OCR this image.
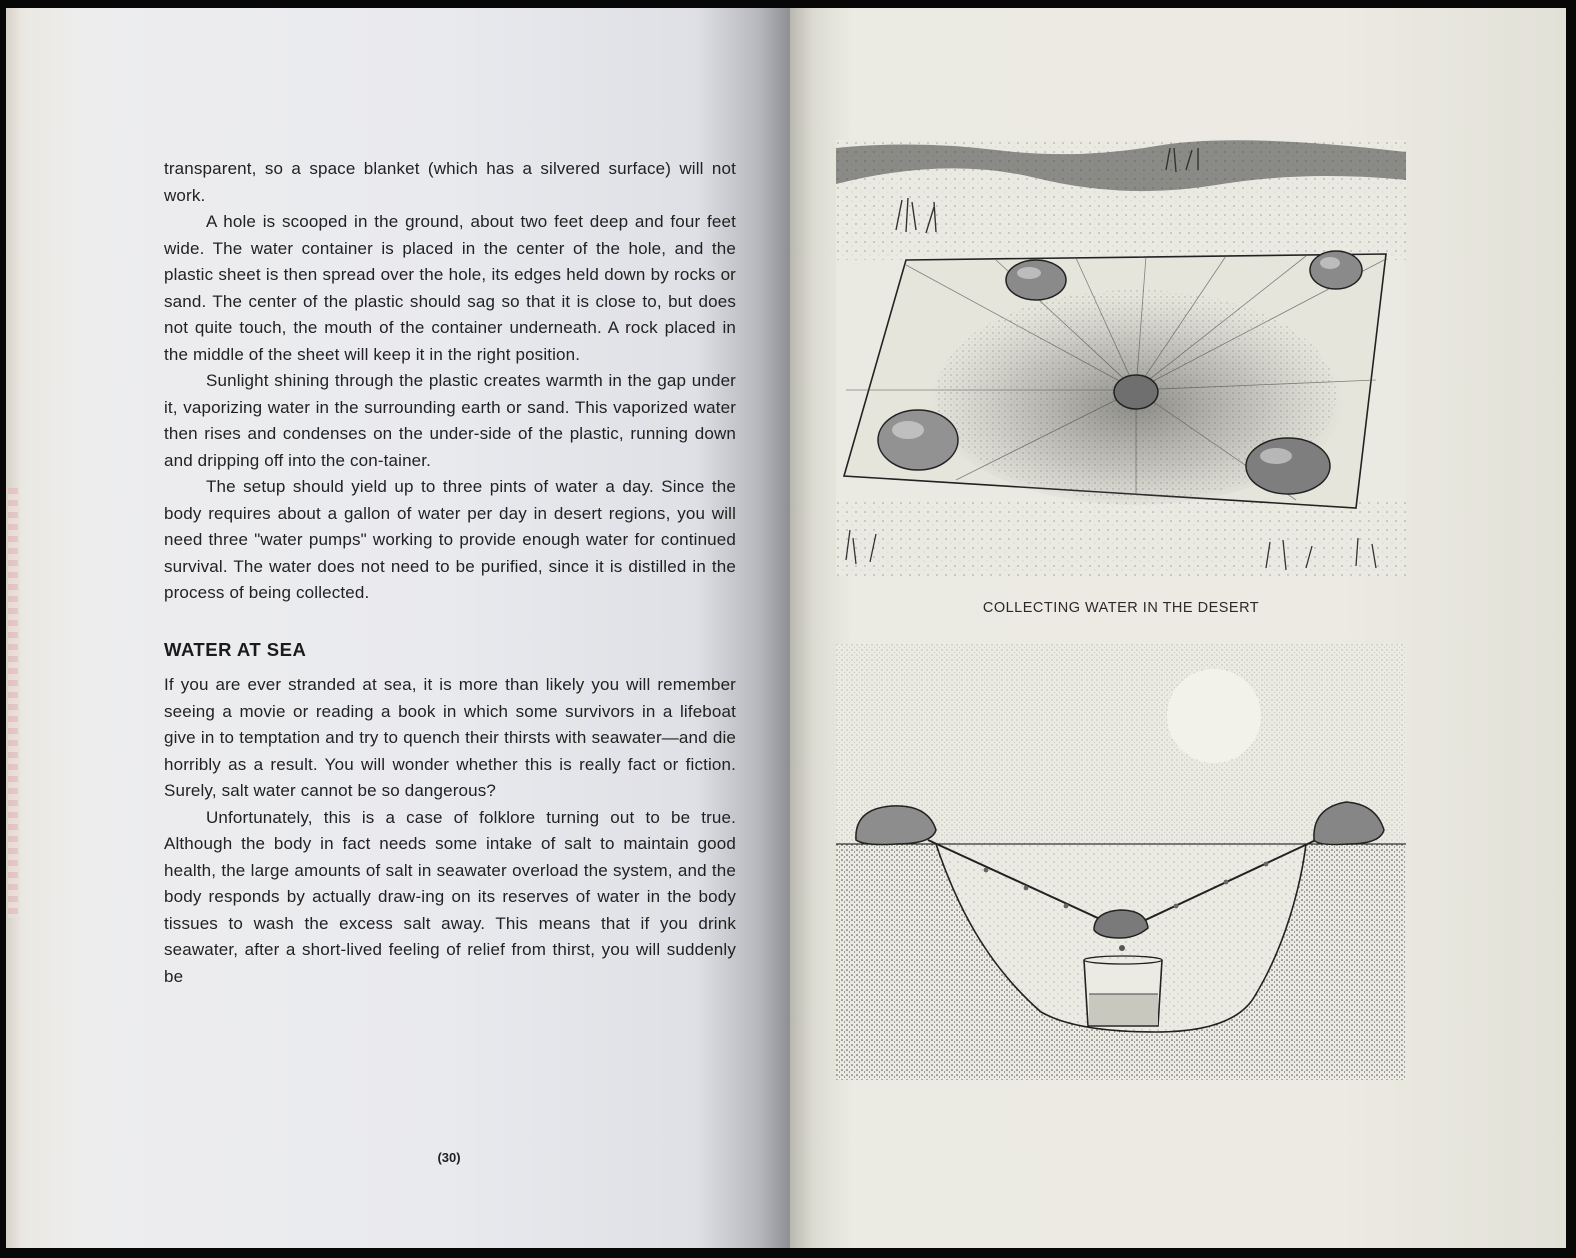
transparent, so a space blanket (which has a silvered surface) will not work.

A hole is scooped in the ground, about two feet deep and four feet wide. The water container is placed in the center of the hole, and the plastic sheet is then spread over the hole, its edges held down by rocks or sand. The center of the plastic should sag so that it is close to, but does not quite touch, the mouth of the container underneath. A rock placed in the middle of the sheet will keep it in the right position.

Sunlight shining through the plastic creates warmth in the gap under it, vaporizing water in the surrounding earth or sand. This vaporized water then rises and condenses on the under-side of the plastic, running down and dripping off into the con-tainer.

The setup should yield up to three pints of water a day. Since the body requires about a gallon of water per day in desert regions, you will need three "water pumps" working to provide enough water for continued survival. The water does not need to be purified, since it is distilled in the process of being collected.

WATER AT SEA

If you are ever stranded at sea, it is more than likely you will remember seeing a movie or reading a book in which some survivors in a lifeboat give in to temptation and try to quench their thirsts with seawater—and die horribly as a result. You will wonder whether this is really fact or fiction. Surely, salt water cannot be so dangerous?

Unfortunately, this is a case of folklore turning out to be true. Although the body in fact needs some intake of salt to maintain good health, the large amounts of salt in seawater overload the system, and the body responds by actually draw-ing on its reserves of water in the body tissues to wash the excess salt away. This means that if you drink seawater, after a short-lived feeling of relief from thirst, you will suddenly be

(30)
COLLECTING WATER IN THE DESERT
